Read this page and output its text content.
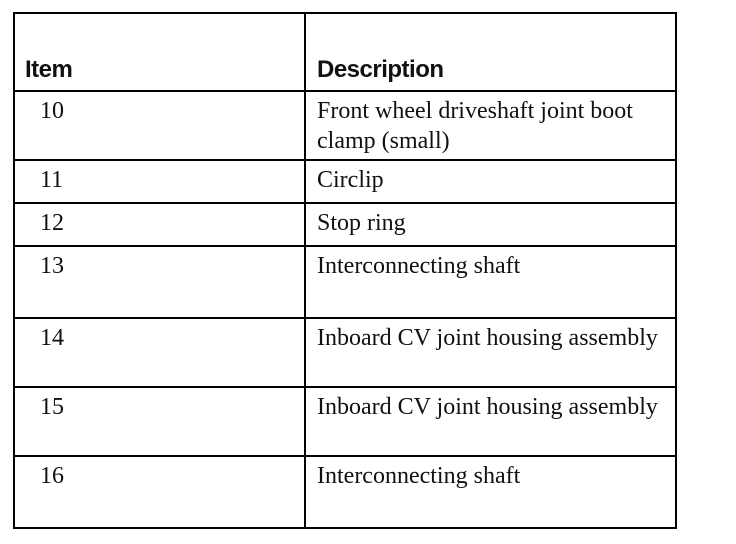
Item	Description
10	Front wheel driveshaft joint boot clamp (small)
11	Circlip
12	Stop ring
13	Interconnecting shaft
14	Inboard CV joint housing assembly
15	Inboard CV joint housing assembly
16	Interconnecting shaft
